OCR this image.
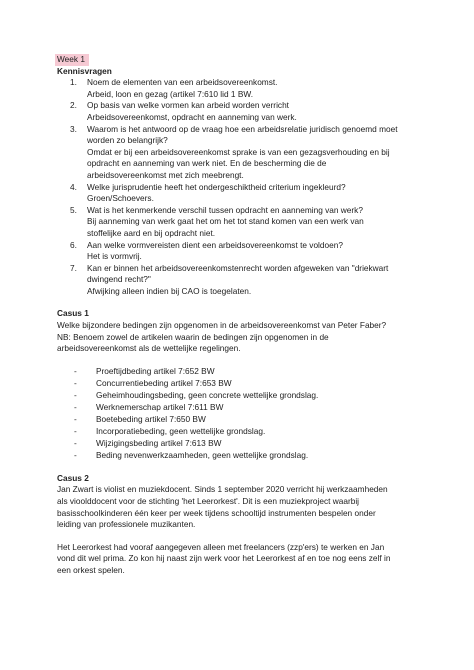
Week 1
Kennisvragen
1.	Noem de elementen van een arbeidsovereenkomst.
Arbeid, loon en gezag (artikel 7:610 lid 1 BW.
2.	Op basis van welke vormen kan arbeid worden verricht
Arbeidsovereenkomst, opdracht en aanneming van werk.
3.	Waarom is het antwoord op de vraag hoe een arbeidsrelatie juridisch genoemd moet
worden zo belangrijk?
Omdat er bij een arbeidsovereenkomst sprake is van een gezagsverhouding en bij
opdracht en aanneming van werk niet. En de bescherming die de
arbeidsovereenkomst met zich meebrengt.
4.	Welke jurisprudentie heeft het ondergeschiktheid criterium ingekleurd?
Groen/Schoevers.
5.	Wat is het kenmerkende verschil tussen opdracht en aanneming van werk?
Bij aanneming van werk gaat het om het tot stand komen van een werk van
stoffelijke aard en bij opdracht niet.
6.	Aan welke vormvereisten dient een arbeidsovereenkomst te voldoen?
Het is vormvrij.
7.	Kan er binnen het arbeidsovereenkomstenrecht worden afgeweken van "driekwart
dwingend recht?"
Afwijking alleen indien bij CAO is toegelaten.
Casus 1
Welke bijzondere bedingen zijn opgenomen in de arbeidsovereenkomst van Peter Faber?
NB: Benoem zowel de artikelen waarin de bedingen zijn opgenomen in de
arbeidsovereenkomst als de wettelijke regelingen.
-	Proeftijdbeding artikel 7:652 BW
-	Concurrentiebeding artikel 7:653 BW
-	Geheimhoudingsbeding, geen concrete wettelijke grondslag.
-	Werknemerschap artikel 7:611 BW
-	Boetebeding artikel 7:650 BW
-	Incorporatiebeding, geen wettelijke grondslag.
-	Wijzigingsbeding artikel 7:613 BW
-	Beding nevenwerkzaamheden, geen wettelijke grondslag.
Casus 2
Jan Zwart is violist en muziekdocent. Sinds 1 september 2020 verricht hij werkzaamheden
als vioolddocent voor de stichting 'het Leerorkest'. Dit is een muziekproject waarbij
basisschoolkinderen één keer per week tijdens schooltijd instrumenten bespelen onder
leiding van professionele muzikanten.
Het Leerorkest had vooraf aangegeven alleen met freelancers (zzp'ers) te werken en Jan
vond dit wel prima. Zo kon hij naast zijn werk voor het Leerorkest af en toe nog eens zelf in
een orkest spelen.
